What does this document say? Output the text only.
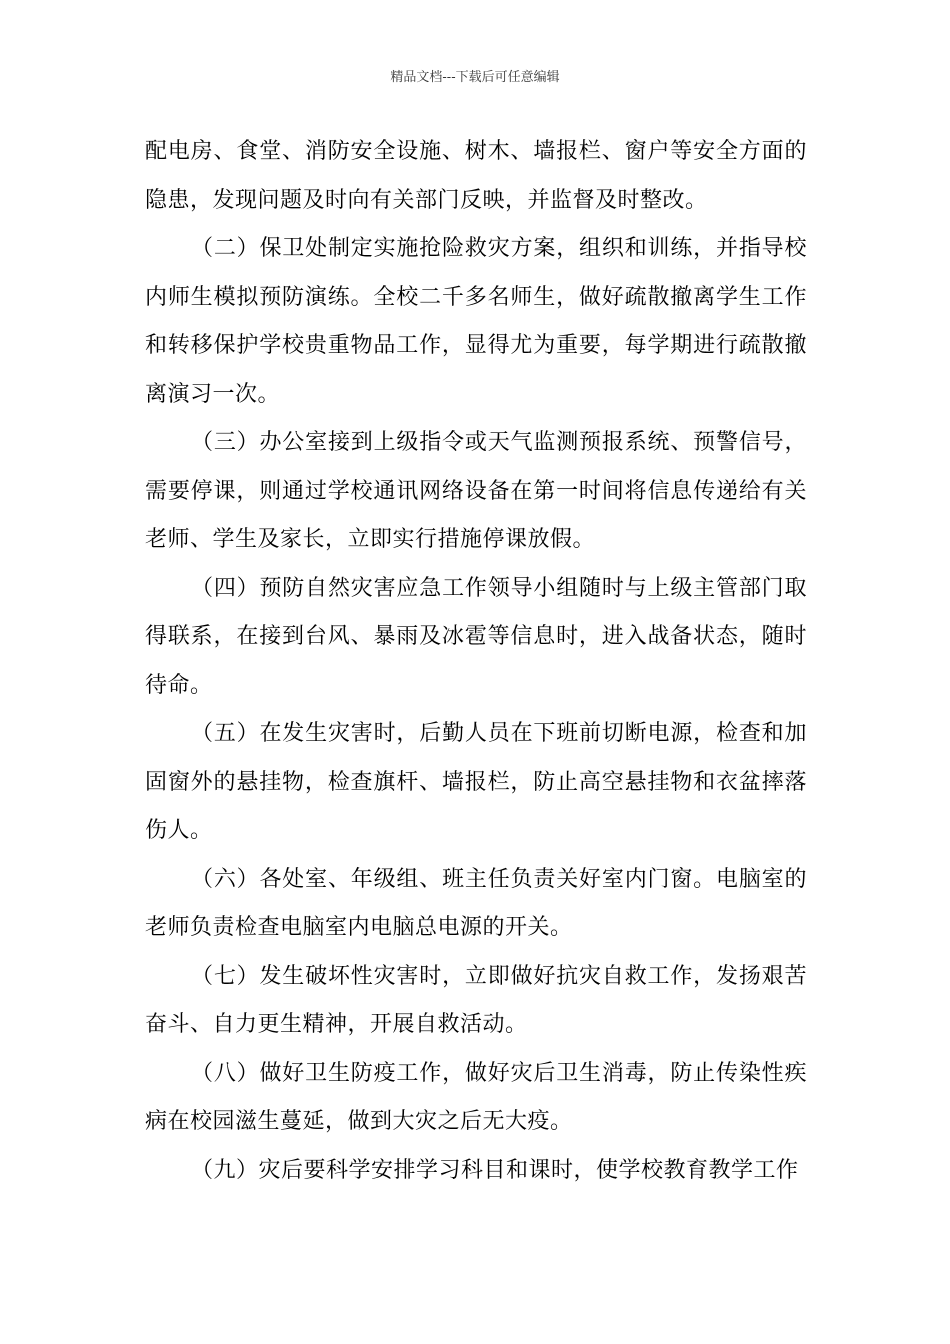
精品文档---下载后可任意编辑

配电房、食堂、消防安全设施、树木、墙报栏、窗户等安全方面的隐患，发现问题及时向有关部门反映，并监督及时整改。

（二）保卫处制定实施抢险救灾方案，组织和训练，并指导校内师生模拟预防演练。全校二千多名师生，做好疏散撤离学生工作和转移保护学校贵重物品工作，显得尤为重要，每学期进行疏散撤离演习一次。

（三）办公室接到上级指令或天气监测预报系统、预警信号，需要停课，则通过学校通讯网络设备在第一时间将信息传递给有关老师、学生及家长，立即实行措施停课放假。

（四）预防自然灾害应急工作领导小组随时与上级主管部门取得联系，在接到台风、暴雨及冰雹等信息时，进入战备状态，随时待命。

（五）在发生灾害时，后勤人员在下班前切断电源，检查和加固窗外的悬挂物，检查旗杆、墙报栏，防止高空悬挂物和衣盆摔落伤人。

（六）各处室、年级组、班主任负责关好室内门窗。电脑室的老师负责检查电脑室内电脑总电源的开关。

（七）发生破坏性灾害时，立即做好抗灾自救工作，发扬艰苦奋斗、自力更生精神，开展自救活动。

（八）做好卫生防疫工作，做好灾后卫生消毒，防止传染性疾病在校园滋生蔓延，做到大灾之后无大疫。

（九）灾后要科学安排学习科目和课时，使学校教育教学工作
